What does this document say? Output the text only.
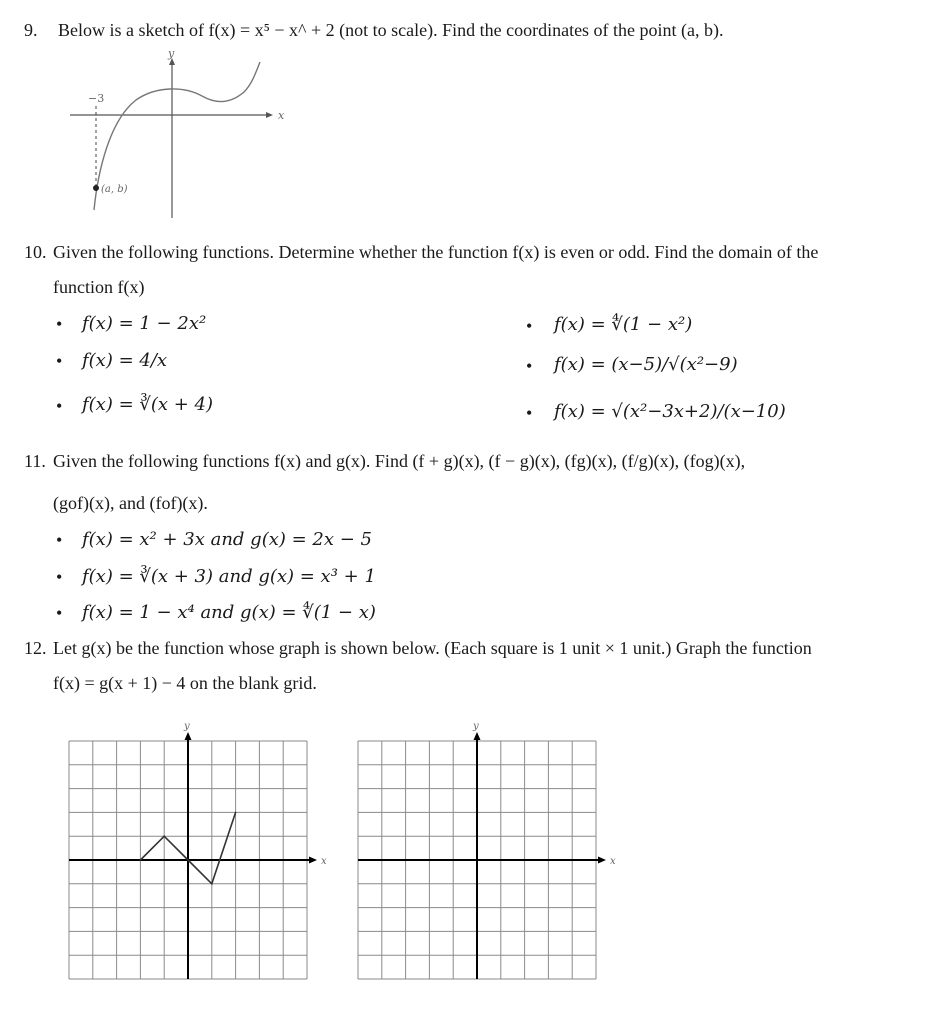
9. Below is a sketch of f(x) = x⁵ − x^ + 2 (not to scale). Find the coordinates of the point (a, b).
y
x
−3
(a, b)
10. Given the following functions. Determine whether the function f(x) is even or odd. Find the domain of the
function f(x)
• f(x) = 1 − 2x²
• f(x) = 4/x
• f(x) = ∛(x + 4)
• f(x) = ∜(1 − x²)
• f(x) = (x−5)/√(x²−9)
• f(x) = √(x²−3x+2)/(x−10)
11. Given the following functions f(x) and g(x). Find (f + g)(x), (f − g)(x), (fg)(x), (f/g)(x), (fog)(x),
(gof)(x), and (fof)(x).
• f(x) = x² + 3x and g(x) = 2x − 5
• f(x) = ∛(x + 3) and g(x) = x³ + 1
• f(x) = 1 − x⁴ and g(x) = ∜(1 − x)
12. Let g(x) be the function whose graph is shown below. (Each square is 1 unit × 1 unit.) Graph the function
f(x) = g(x + 1) − 4 on the blank grid.
y
x
y
x
